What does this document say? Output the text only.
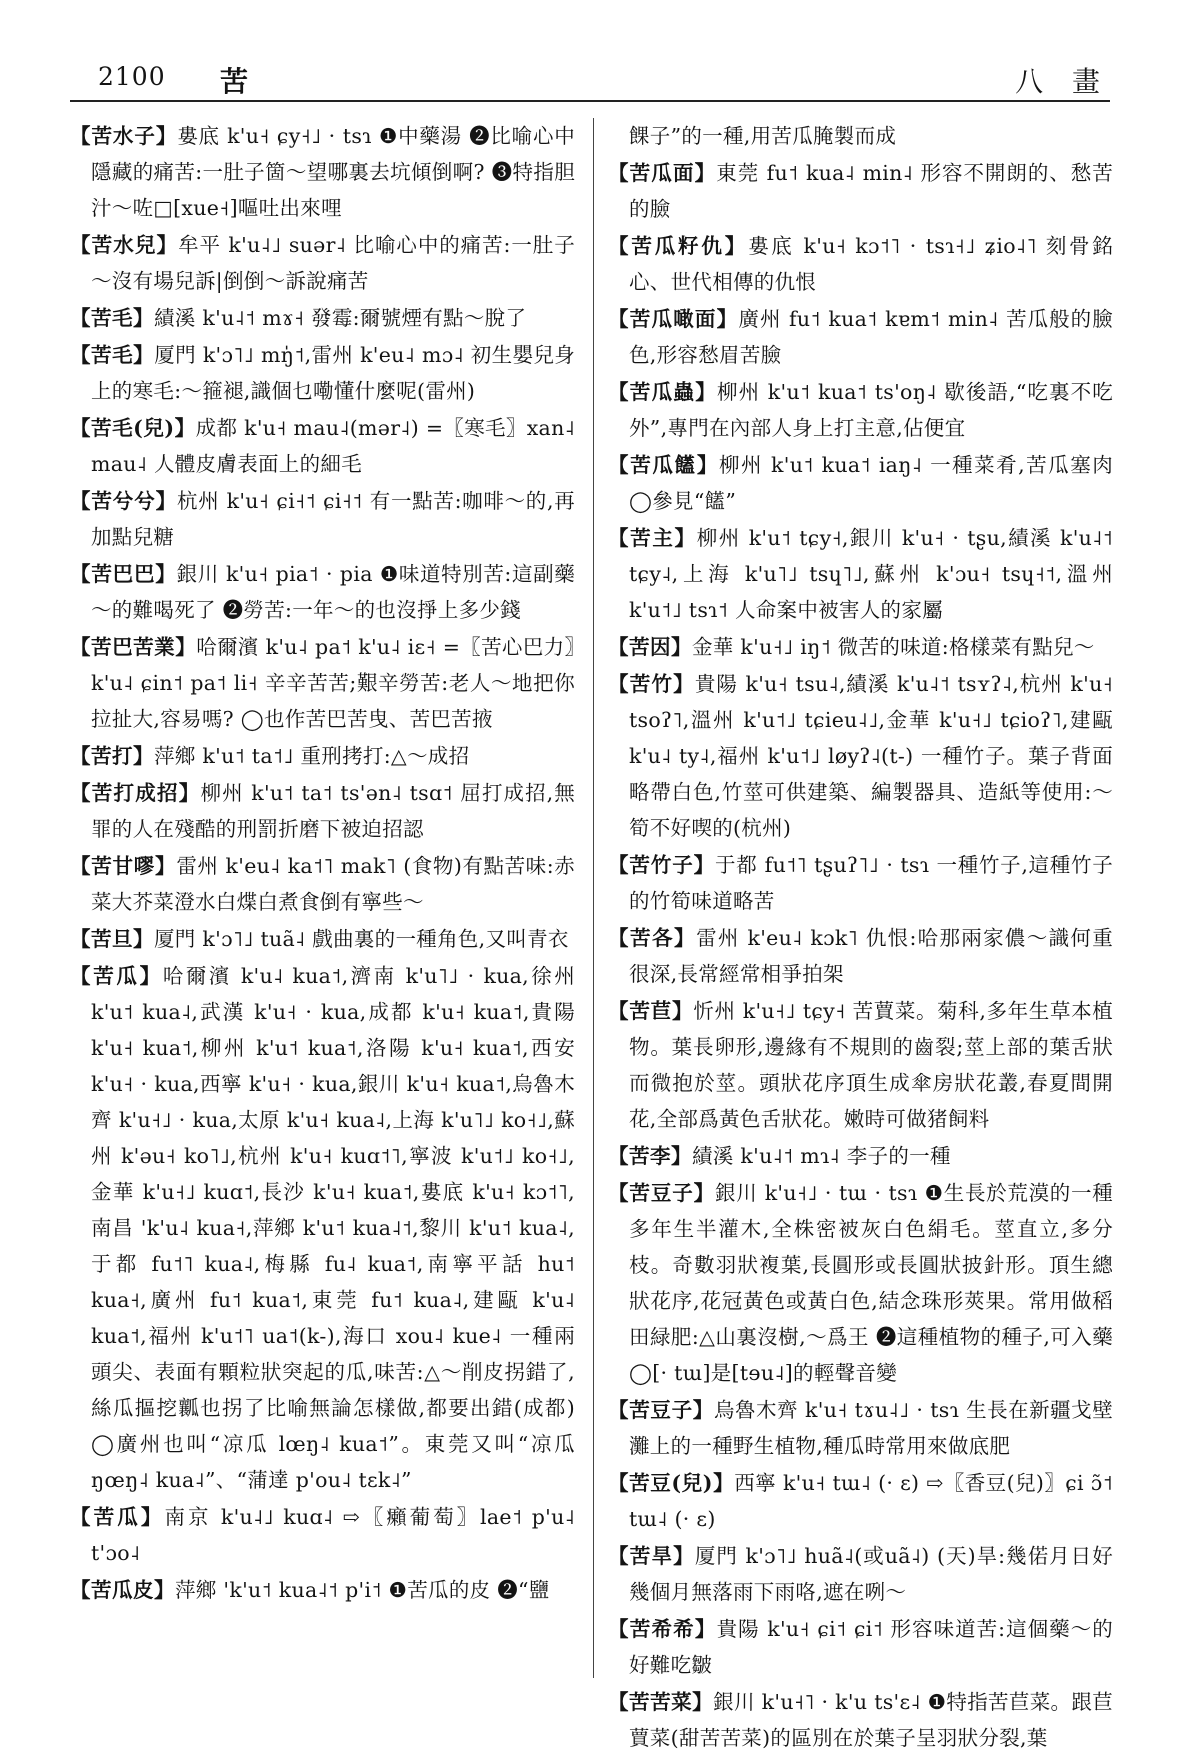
2100 苦	八 畫

【苦水子】婁底 k'u˧ ɕy˧˩ · tsɿ ❶中藥湯 ❷比喻心中隱藏的痛苦:一肚子箇～望哪裏去坑傾倒啊? ❸特指胆汁～咗□[xue˧]嘔吐出來哩

【苦水兒】牟平 k'u˨˩ suər˨ 比喻心中的痛苦:一肚子～沒有場兒訴|倒倒～訴說痛苦

【苦毛】績溪 k'u˨˦ mɤ˧ 發霉:爾號煙有點～脫了

【苦毛】厦門 k'ɔ˥˩ mŋ̍˦,雷州 k'eu˨ mɔ˨ 初生嬰兒身上的寒毛:～箍褪,識個乜嘞懂什麼呢(雷州)

【苦毛(兒)】成都 k'u˧ mau˨(mər˨) =〖寒毛〗xan˨ mau˨ 人體皮膚表面上的細毛

【苦兮兮】杭州 k'u˧ ɕi˧˦ ɕi˧˦ 有一點苦:咖啡～的,再加點兒糖

【苦巴巴】銀川 k'u˧ pia˦ · pia ❶味道特別苦:這副藥～的難喝死了 ❷勞苦:一年～的也沒掙上多少錢

【苦巴苦業】哈爾濱 k'u˨ pa˦ k'u˨ iɛ˧ =〖苦心巴力〗k'u˨ ɕin˦ pa˦ li˧ 辛辛苦苦;艱辛勞苦:老人～地把你拉扯大,容易嗎? ◯也作苦巴苦曳、苦巴苦掖

【苦打】萍鄉 k'u˦ ta˦˩ 重刑拷打:△～成招

【苦打成招】柳州 k'u˦ ta˦ ts'ən˨ tsɑ˦ 屈打成招,無罪的人在殘酷的刑罰折磨下被迫招認

【苦甘嘐】雷州 k'eu˨ ka˦˥ mak˥ (食物)有點苦味:赤菜大芥菜澄水白煠白煮食倒有寧些～

【苦旦】厦門 k'ɔ˥˩ tuã˨ 戲曲裏的一種角色,又叫青衣

【苦瓜】哈爾濱 k'u˨ kua˦,濟南 k'u˥˩ · kua,徐州 k'u˦ kua˨,武漢 k'u˧ · kua,成都 k'u˧ kua˦,貴陽 k'u˧ kua˦,柳州 k'u˦ kua˦,洛陽 k'u˧ kua˦,西安 k'u˧ · kua,西寧 k'u˧ · kua,銀川 k'u˧ kua˦,烏魯木齊 k'u˧˩ · kua,太原 k'u˧ kua˨,上海 k'u˥˩ ko˧˩,蘇州 k'əu˧ ko˥˩,杭州 k'u˧ kuɑ˦˥,寧波 k'u˦˩ ko˧˩,金華 k'u˧˩ kuɑ˦,長沙 k'u˧ kua˦,婁底 k'u˧ kɔ˦˥,南昌 'k'u˨ kua˧,萍鄉 k'u˦ kua˨˦,黎川 k'u˦ kua˨,于都 fu˦˥ kua˨,梅縣 fu˨ kua˦,南寧平話 hu˦ kua˧,廣州 fu˦ kua˦,東莞 fu˦ kua˨,建甌 k'u˨ kua˦,福州 k'u˦˥ ua˦(k-),海口 xou˨ kue˨ 一種兩頭尖、表面有顆粒狀突起的瓜,味苦:△～削皮拐錯了,絲瓜摳挖瓤也拐了比喻無論怎樣做,都要出錯(成都) ◯廣州也叫“凉瓜 lœŋ˨ kua˦”。東莞又叫“凉瓜 ŋœŋ˨ kua˨”、“蒲達 p'ou˨ tɛk˨”

【苦瓜】南京 k'u˨˩ kuɑ˨ ⇨〖癩葡萄〗lae˦ p'u˨ t'ɔo˨

【苦瓜皮】萍鄉 'k'u˦ kua˨˦ p'i˦ ❶苦瓜的皮 ❷“鹽

餜子”的一種,用苦瓜腌製而成

【苦瓜面】東莞 fu˦ kua˨ min˨ 形容不開朗的、愁苦的臉

【苦瓜籽仇】婁底 k'u˧ kɔ˦˥ · tsɿ˧˩ ʑio˨˥ 刻骨銘心、世代相傳的仇恨

【苦瓜噉面】廣州 fu˦ kua˦ kɐm˦ min˨ 苦瓜般的臉色,形容愁眉苦臉

【苦瓜蟲】柳州 k'u˦ kua˦ ts'oŋ˨ 歇後語,“吃裏不吃外”,專門在內部人身上打主意,佔便宜

【苦瓜饚】柳州 k'u˦ kua˦ iaŋ˨ 一種菜肴,苦瓜塞肉 ◯參見“饚”

【苦主】柳州 k'u˦ tɕy˧,銀川 k'u˧ · tʂu,績溪 k'u˨˦ tɕy˨,上海 k'u˥˩ tsɥ˥˩,蘇州 k'ɔu˧ tsɥ˧˦,溫州 k'u˦˩ tsɿ˦ 人命案中被害人的家屬

【苦因】金華 k'u˧˩ iŋ˦ 微苦的味道:格樣菜有點兒～

【苦竹】貴陽 k'u˧ tsu˨,績溪 k'u˨˦ tsʏʔ˨,杭州 k'u˧ tsoʔ˥,溫州 k'u˦˩ tɕieu˨˩,金華 k'u˧˩ tɕioʔ˥,建甌 k'u˨ ty˨,福州 k'u˦˩ løyʔ˨(t-) 一種竹子。葉子背面略帶白色,竹莖可供建築、編製器具、造紙等使用:～筍不好喫的(杭州)

【苦竹子】于都 fu˦˥ tʂuʔ˥˩ · tsɿ 一種竹子,這種竹子的竹筍味道略苦

【苦各】雷州 k'eu˨ kɔk˥ 仇恨:哈那兩家儂～識何重很深,長常經常相爭拍架

【苦苣】忻州 k'u˧˩ tɕy˧ 苦蕒菜。菊科,多年生草本植物。葉長卵形,邊緣有不規則的齒裂;莖上部的葉舌狀而微抱於莖。頭狀花序頂生成傘房狀花叢,春夏間開花,全部爲黃色舌狀花。嫩時可做猪飼料

【苦李】績溪 k'u˨˦ mɿ˨ 李子的一種

【苦豆子】銀川 k'u˧˩ · tɯ · tsɿ ❶生長於荒漠的一種多年生半灌木,全株密被灰白色絹毛。莖直立,多分枝。奇數羽狀複葉,長圓形或長圓狀披針形。頂生總狀花序,花冠黃色或黃白色,結念珠形莢果。常用做稻田緑肥:△山裏沒樹,～爲王 ❷這種植物的種子,可入藥 ◯[· tɯ]是[tɘu˨]的輕聲音變

【苦豆子】烏魯木齊 k'u˧ tɤu˨˩ · tsɿ 生長在新疆戈壁灘上的一種野生植物,種瓜時常用來做底肥

【苦豆(兒)】西寧 k'u˧ tɯ˨ (· ɛ) ⇨〖香豆(兒)〗ɕi ɔ̃˦ tɯ˨ (· ɛ)

【苦旱】厦門 k'ɔ˥˩ huã˨(或uã˨) (天)旱:幾偌月日好幾個月無落雨下雨咯,遮在咧～

【苦希希】貴陽 k'u˧ ɕi˦ ɕi˦ 形容味道苦:這個藥～的好難吃皺

【苦苦菜】銀川 k'u˧˥ · k'u ts'ɛ˨ ❶特指苦苣菜。跟苣蕒菜(甜苦苦菜)的區別在於葉子呈羽狀分裂,葉
